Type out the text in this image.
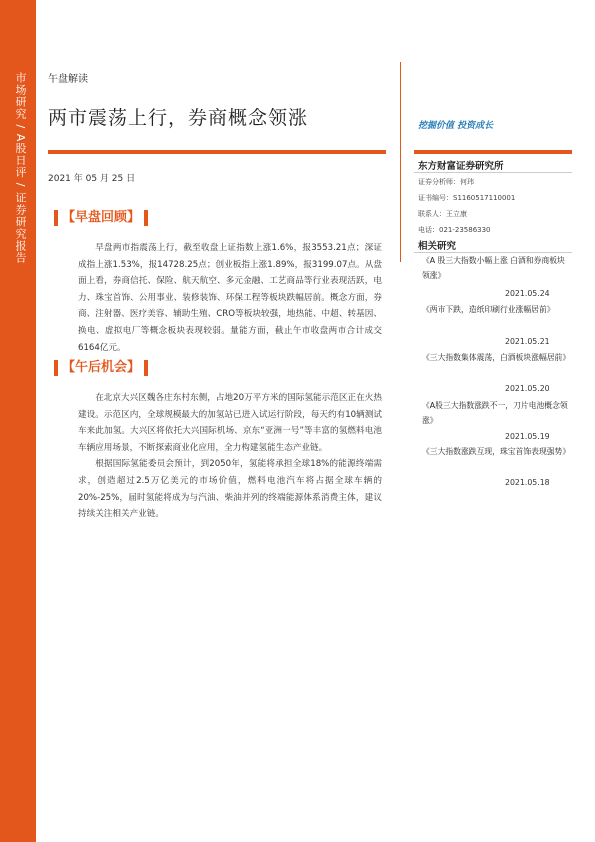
市场研究 / A股日评 / 证券研究报告 午盘解读
两市震荡上行，券商概念领涨	挖掘价值 投资成长
2021 年 05 月 25 日
【早盘回顾】

早盘两市指震荡上行，截至收盘上证指数上涨1.6%，报3553.21点；深证成指上涨1.53%，报14728.25点；创业板指上涨1.89%，报3199.07点。从盘面上看，券商信托、保险、航天航空、多元金融、工艺商品等行业表现活跃，电力、珠宝首饰、公用事业、装修装饰、环保工程等板块跌幅居前。概念方面，券商、注射器、医疗美容、辅助生殖、CRO等板块较强，地热能、中超、转基因、换电、虚拟电厂等概念板块表现较弱。量能方面，截止午市收盘两市合计成交6164亿元。

【午后机会】

在北京大兴区魏各庄东村东侧，占地20万平方米的国际氢能示范区正在火热建设。示范区内，全球规模最大的加氢站已进入试运行阶段，每天约有10辆测试车来此加氢。大兴区将依托大兴国际机场、京东“亚洲一号”等丰富的氢燃料电池车辆应用场景，不断探索商业化应用，全力构建氢能生态产业链。

根据国际氢能委员会预计，到2050年，氢能将承担全球18%的能源终端需求，创造超过2.5万亿美元的市场价值，燃料电池汽车将占据全球车辆的20%-25%，届时氢能将成为与汽油、柴油并列的终端能源体系消费主体，建议持续关注相关产业链。

东方财富证券研究所
证券分析师：何玮
证书编号：S1160517110001
联系人：王立康
电话：021-23586330
相关研究
《A 股三大指数小幅上涨 白酒和券商板块领涨》
2021.05.24
《两市下跌，造纸印刷行业涨幅居前》
2021.05.21
《三大指数集体震荡，白酒板块涨幅居前》
2021.05.20
《A股三大指数涨跌不一，刀片电池概念领涨》
2021.05.19
《三大指数涨跌互现，珠宝首饰表现强势》
2021.05.18
